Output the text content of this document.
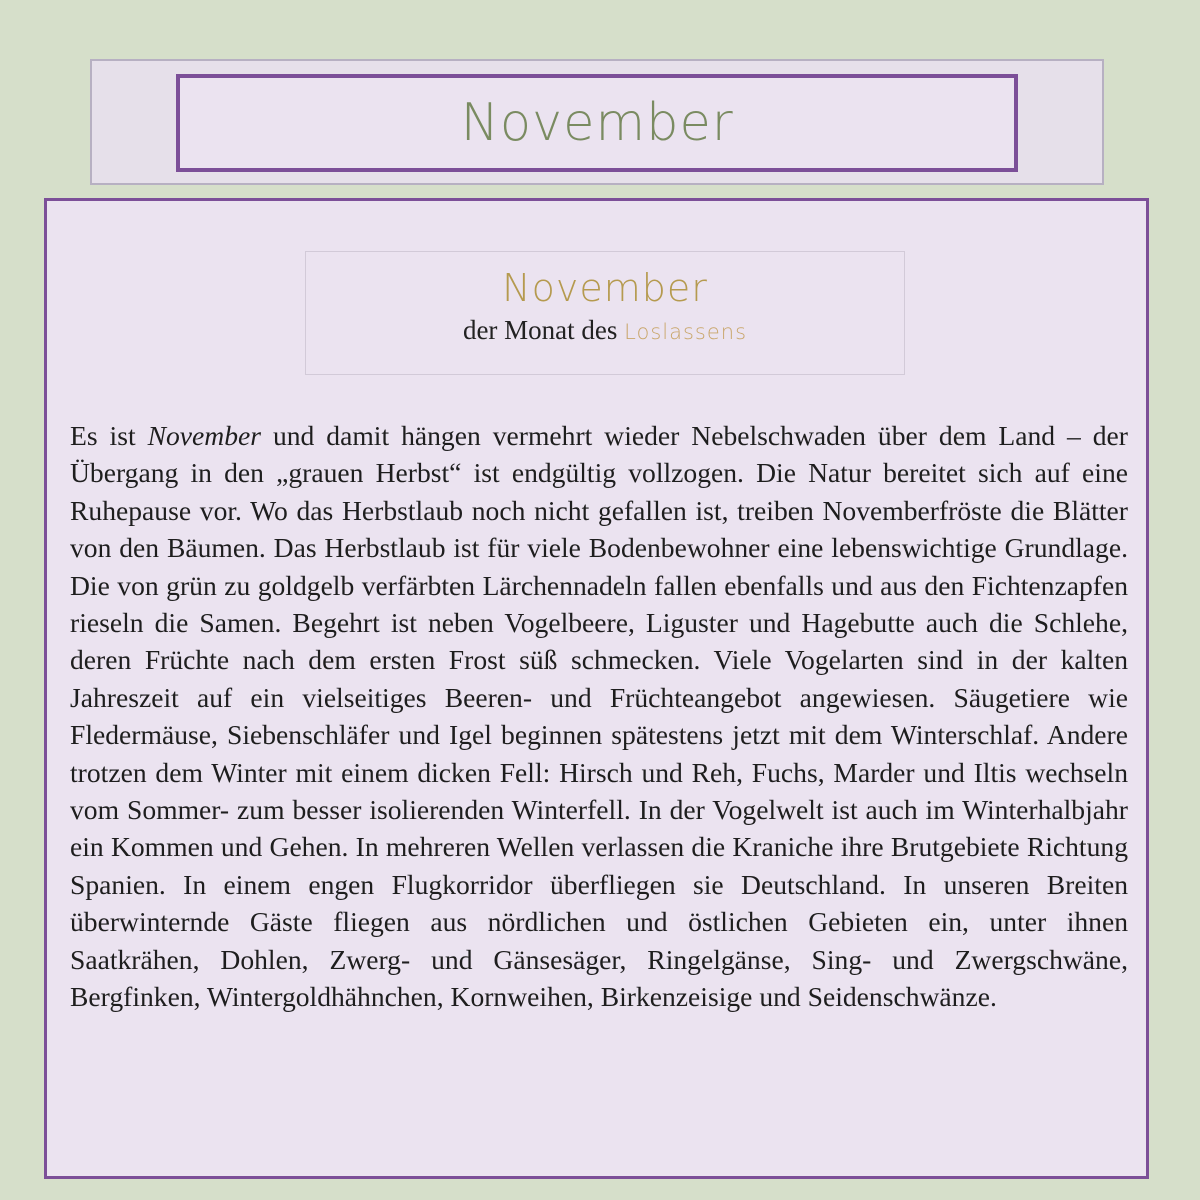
November
November
der Monat des Loslassens

Es ist November und damit hängen vermehrt wieder Nebelschwaden über dem Land – der Übergang in den „grauen Herbst“ ist endgültig vollzogen. Die Natur bereitet sich auf eine Ruhepause vor. Wo das Herbstlaub noch nicht gefallen ist, treiben Novemberfröste die Blätter von den Bäumen. Das Herbstlaub ist für viele Bodenbewohner eine lebenswichtige Grundlage. Die von grün zu goldgelb verfärbten Lärchennadeln fallen ebenfalls und aus den Fichtenzapfen rieseln die Samen. Begehrt ist neben Vogelbeere, Liguster und Hagebutte auch die Schlehe, deren Früchte nach dem ersten Frost süß schmecken. Viele Vogelarten sind in der kalten Jahreszeit auf ein vielseitiges Beeren- und Früchteangebot angewiesen. Säugetiere wie Fledermäuse, Siebenschläfer und Igel beginnen spätestens jetzt mit dem Winterschlaf. Andere trotzen dem Winter mit einem dicken Fell: Hirsch und Reh, Fuchs, Marder und Iltis wechseln vom Sommer- zum besser isolierenden Winterfell. In der Vogelwelt ist auch im Winterhalbjahr ein Kommen und Gehen. In mehreren Wellen verlassen die Kraniche ihre Brutgebiete Richtung Spanien. In einem engen Flugkorridor überfliegen sie Deutschland. In unseren Breiten überwinternde Gäste fliegen aus nördlichen und östlichen Gebieten ein, unter ihnen Saatkrähen, Dohlen, Zwerg- und Gänsesäger, Ringelgänse, Sing- und Zwergschwäne, Bergfinken, Wintergoldhähnchen, Kornweihen, Birkenzeisige und Seidenschwänze.
